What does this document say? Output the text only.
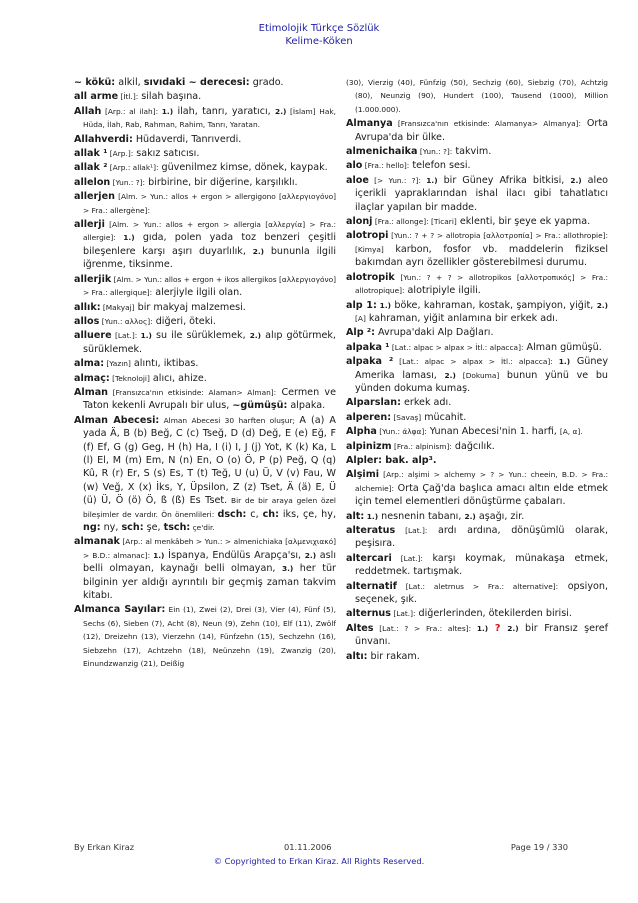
Etimolojik Türkçe Sözlük
Kelime-Köken
~ kökü: alkil, sıvıdaki ~ derecesi: grado.
all arme [İtl.]: silah başına.
Allah [Arp.: al ilah]: 1.) ilah, tanrı, yaratıcı, 2.) [İslam] Hak, Hüda, İlah, Rab, Rahman, Rahim, Tanrı, Yaratan.
Allahverdi: Hüdaverdi, Tanrıverdi.
allak ¹ [Arp.]: sakız satıcısı.
allak ² [Arp.: allak¹]: güvenilmez kimse, dönek, kaypak.
allelon [Yun.: ?]: birbirine, bir diğerine, karşılıklı.
allerjen [Alm. > Yun.: allos + ergon > allergigono [αλλεργιογόνο] > Fra.: allergène]:
allerji [Alm. > Yun.: allos + ergon > allergia [αλλεργία] > Fra.: allergie]: 1.) gıda, polen yada toz benzeri çeşitli bileşenlere karşı aşırı duyarlılık, 2.) bununla ilgili iğrenme, tiksinme.
allerjik [Alm. > Yun.: allos + ergon + ikos allergikos [αλλεργιογόνο] > Fra.: allergique]: alerjiyle ilgili olan.
allık: [Makyaj] bir makyaj malzemesi.
allos [Yun.: αλλος]: diğeri, öteki.
alluere [Lat.]: 1.) su ile sürüklemek, 2.) alıp götürmek, sürüklemek.
alma: [Yazın] alıntı, iktibas.
almaç: [Teknoloji] alıcı, ahize.
Alman [Fransızca'nın etkisinde: Alaman> Alman]: Cermen ve Taton kekenli Avrupalı bir ulus, ~gümüşü: alpaka.
Alman Abecesi: Alman Abecesi 30 harften oluşur; A (a) A yada Ä, B (b) Beğ, C (c) Tseğ, D (d) Değ, E (e) Eğ, F (f) Ef, G (g) Geg, H (h) Ha, I (i) I, J (j) Yot, K (k) Ka, L (l) El, M (m) Em, N (n) En, O (o) Ö, P (p) Peğ, Q (q) Kû, R (r) Er, S (s) Es, T (t) Teğ, U (u) Ü, V (v) Fau, W (w) Veğ, X (x) İks, Y, Üpsilon, Z (z) Tset, Ä (ä) E, Ü (ü) Ü, Ö (ö) Ö, ß (ß) Es Tset. Bir de bir araya gelen özel bileşimler de vardır. Ön önemlileri: dsch: c, ch: iks, çe, hy, ng: ny, sch: şe, tsch: çe'dir.
almanak [Arp.: al menkâbeh > Yun.: > almenichiaka [αλμενιχιακό] > B.D.: almanac]: 1.) İspanya, Endülüs Arapça'sı, 2.) aslı belli olmayan, kaynağı belli olmayan, 3.) her tür bilginin yer aldığı ayrıntılı bir geçmiş zaman takvim kitabı.
Almanca Sayılar: Ein (1), Zwei (2), Drei (3), Vier (4), Fünf (5), Sechs (6), Sieben (7), Acht (8), Neun (9), Zehn (10), Elf (11), Zwölf (12), Dreizehn (13), Vierzehn (14), Fünfzehn (15), Sechzehn (16), Siebzehn (17), Achtzehn (18), Neünzehn (19), Zwanzig (20), Einundzwanzig (21), Deißig
(30), Vierzig (40), Fünfzig (50), Sechzig (60), Siebzig (70), Achtzig (80), Neunzig (90), Hundert (100), Tausend (1000), Million (1.000.000).
Almanya [Fransızca'nın etkisinde: Alamanya> Almanya]: Orta Avrupa'da bir ülke.
almenichaika [Yun.: ?]: takvim.
alo [Fra.: hello]: telefon sesi.
aloe [> Yun.: ?]: 1.) bir Güney Afrika bitkisi, 2.) aleo içerikli yapraklarından ishal ilacı gibi tahatlatıcı ilaçlar yapılan bir madde.
alonj [Fra.: allonge]: [Ticari] eklenti, bir şeye ek yapma.
alotropi [Yun.: ? + ? > allotropia [αλλοτροπία] > Fra.: allothropie]: [Kimya] karbon, fosfor vb. maddelerin fiziksel bakımdan ayrı özellikler gösterebilmesi durumu.
alotropik [Yun.: ? + ? > allotropikos [αλλοτροπικός] > Fra.: allotropique]: alotripiyle ilgili.
alp 1: 1.) böke, kahraman, kostak, şampiyon, yiğit, 2.) [A] kahraman, yiğit anlamına bir erkek adı.
Alp ²: Avrupa'daki Alp Dağları.
alpaka ¹ [Lat.: alpac > alpax > İtl.: alpacca]: Alman gümüşü.
alpaka ² [Lat.: alpac > alpax > İtl.: alpacca]: 1.) Güney Amerika laması, 2.) [Dokuma] bunun yünü ve bu yünden dokuma kumaş.
Alparslan: erkek adı.
alperen: [Savaş] mücahit.
Alpha [Yun.: άλφα]: Yunan Abecesi'nin 1. harfi, [A, α].
alpinizm [Fra.: alpinism]: dağcılık.
Alpler: bak. alp³.
Alşimi [Arp.: alşimi > alchemy > ? > Yun.: cheein, B.D. > Fra.: alchemie]: Orta Çağ'da başlıca amacı altın elde etmek için temel elementleri dönüştürme çabaları.
alt: 1.) nesnenin tabanı, 2.) aşağı, zir.
alteratus [Lat.]: ardı ardına, dönüşümlü olarak, peşisıra.
altercari [Lat.]: karşı koymak, münakaşa etmek, reddetmek. tartışmak.
alternatif [Lat.: aletrnus > Fra.: alternative]: opsiyon, seçenek, şık.
alternus [Lat.]: diğerlerinden, ötekilerden birisi.
Altes [Lat.: ? > Fra.: altes]: 1.) ? 2.) bir Fransız şeref ünvanı.
altı: bir rakam.
By Erkan Kiraz	01.11.2006	Page 19 / 330
© Copyrighted to Erkan Kiraz. All Rights Reserved.
